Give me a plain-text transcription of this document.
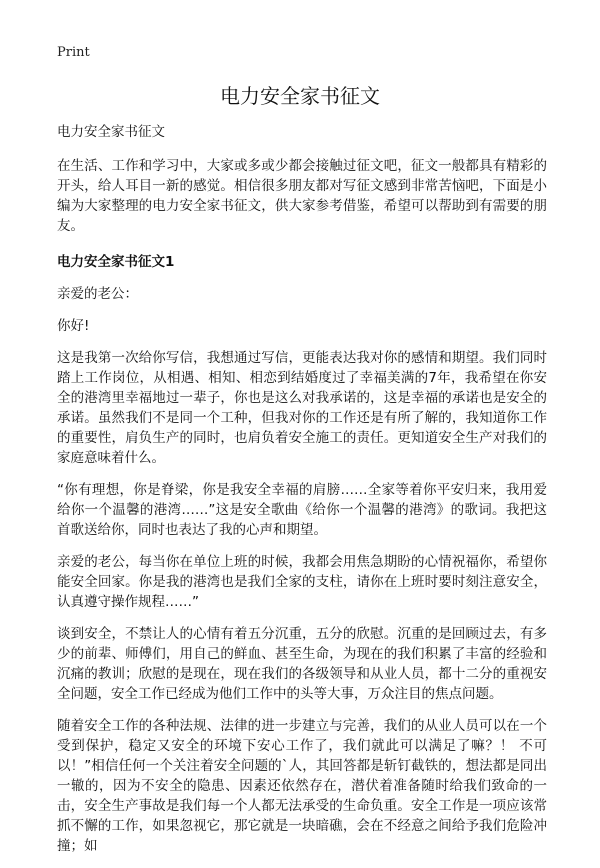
Print
电力安全家书征文

电力安全家书征文

在生活、工作和学习中，大家或多或少都会接触过征文吧，征文一般都具有精彩的开头，给人耳目一新的感觉。相信很多朋友都对写征文感到非常苦恼吧，下面是小编为大家整理的电力安全家书征文，供大家参考借鉴，希望可以帮助到有需要的朋友。

电力安全家书征文1

亲爱的老公：

你好!

这是我第一次给你写信，我想通过写信，更能表达我对你的感情和期望。我们同时踏上工作岗位，从相遇、相知、相恋到结婚度过了幸福美满的7年，我希望在你安全的港湾里幸福地过一辈子，你也是这么对我承诺的，这是幸福的承诺也是安全的承诺。虽然我们不是同一个工种，但我对你的工作还是有所了解的，我知道你工作的重要性，肩负生产的同时，也肩负着安全施工的责任。更知道安全生产对我们的家庭意味着什么。

“你有理想，你是脊梁，你是我安全幸福的肩膀……全家等着你平安归来，我用爱给你一个温馨的港湾……”这是安全歌曲《给你一个温馨的港湾》的歌词。我把这首歌送给你，同时也表达了我的心声和期望。

亲爱的老公，每当你在单位上班的时候，我都会用焦急期盼的心情祝福你，希望你能安全回家。你是我的港湾也是我们全家的支柱，请你在上班时要时刻注意安全，认真遵守操作规程……”

谈到安全，不禁让人的心情有着五分沉重，五分的欣慰。沉重的是回顾过去，有多少的前辈、师傅们，用自己的鲜血、甚至生命，为现在的我们积累了丰富的经验和沉痛的教训；欣慰的是现在，现在我们的各级领导和从业人员，都十二分的重视安全问题，安全工作已经成为他们工作中的头等大事，万众注目的焦点问题。

随着安全工作的各种法规、法律的进一步建立与完善，我们的从业人员可以在一个受到保护，稳定又安全的环境下安心工作了，我们就此可以满足了嘛？！ 不可以！”相信任何一个关注着安全问题的`人，其回答都是斩钉截铁的，想法都是同出一辙的，因为不安全的隐患、因素还依然存在，潜伏着准备随时给我们致命的一击，安全生产事故是我们每一个人都无法承受的生命负重。安全工作是一项应该常抓不懈的工作，如果忽视它，那它就是一块暗礁，会在不经意之间给予我们危险冲撞；如
